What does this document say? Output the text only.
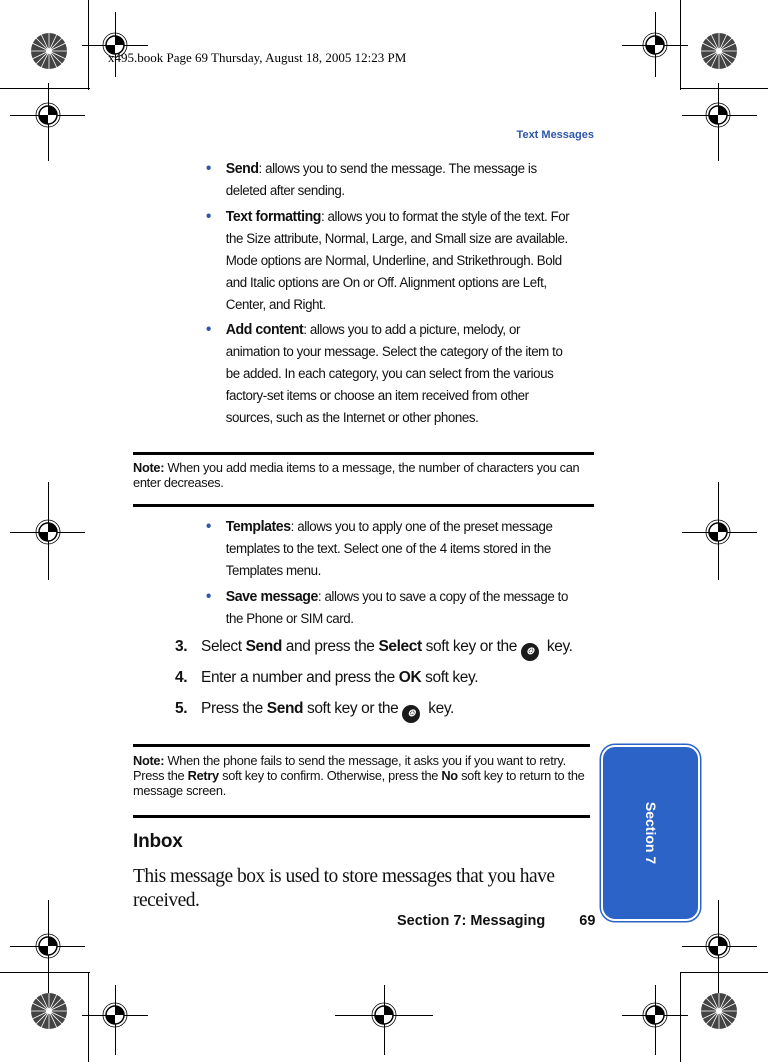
x495.book Page 69 Thursday, August 18, 2005 12:23 PM
Text Messages
• Send: allows you to send the message. The message is deleted after sending.
• Text formatting: allows you to format the style of the text. For the Size attribute, Normal, Large, and Small size are available. Mode options are Normal, Underline, and Strikethrough. Bold and Italic options are On or Off. Alignment options are Left, Center, and Right.
• Add content: allows you to add a picture, melody, or animation to your message. Select the category of the item to be added. In each category, you can select from the various factory-set items or choose an item received from other sources, such as the Internet or other phones.
Note: When you add media items to a message, the number of characters you can enter decreases.
• Templates: allows you to apply one of the preset message templates to the text. Select one of the 4 items stored in the Templates menu.
• Save message: allows you to save a copy of the message to the Phone or SIM card.
3. Select Send and press the Select soft key or the ⊛ key.
4. Enter a number and press the OK soft key.
5. Press the Send soft key or the ⊛ key.
Note: When the phone fails to send the message, it asks you if you want to retry. Press the Retry soft key to confirm. Otherwise, press the No soft key to return to the message screen.
Inbox
This message box is used to store messages that you have received.
Section 7: Messaging 69
Section 7
